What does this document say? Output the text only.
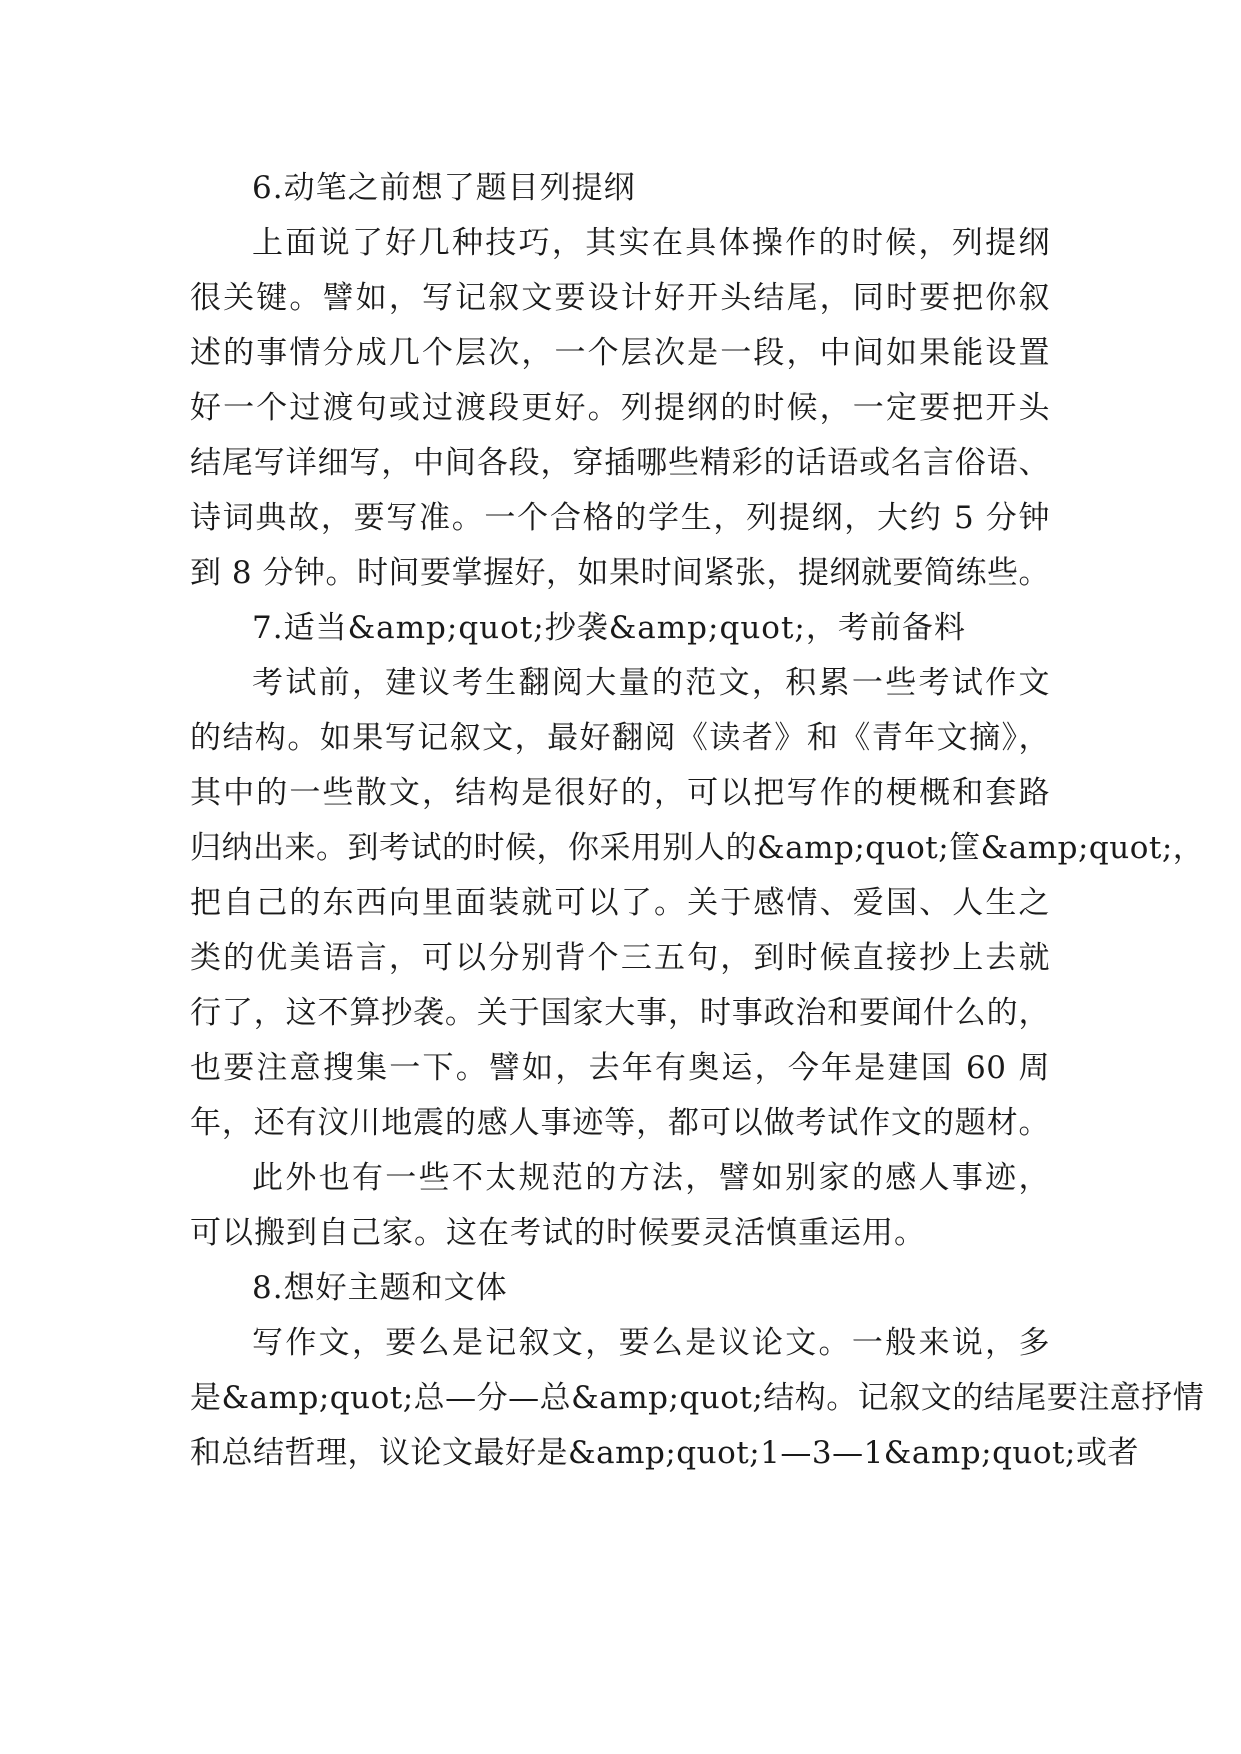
6.动笔之前想了题目列提纲
上面说了好几种技巧，其实在具体操作的时候，列提纲
很关键。譬如，写记叙文要设计好开头结尾，同时要把你叙
述的事情分成几个层次，一个层次是一段，中间如果能设置
好一个过渡句或过渡段更好。列提纲的时候，一定要把开头
结尾写详细写，中间各段，穿插哪些精彩的话语或名言俗语、
诗词典故，要写准。一个合格的学生，列提纲，大约 5 分钟
到 8 分钟。时间要掌握好，如果时间紧张，提纲就要简练些。
7.适当&amp;quot;抄袭&amp;quot;，考前备料
考试前，建议考生翻阅大量的范文，积累一些考试作文
的结构。如果写记叙文，最好翻阅《读者》和《青年文摘》，
其中的一些散文，结构是很好的，可以把写作的梗概和套路
归纳出来。到考试的时候，你采用别人的&amp;quot;筐&amp;quot;，
把自己的东西向里面装就可以了。关于感情、爱国、人生之
类的优美语言，可以分别背个三五句，到时候直接抄上去就
行了，这不算抄袭。关于国家大事，时事政治和要闻什么的，
也要注意搜集一下。譬如，去年有奥运，今年是建国 60 周
年，还有汶川地震的感人事迹等，都可以做考试作文的题材。
此外也有一些不太规范的方法，譬如别家的感人事迹，
可以搬到自己家。这在考试的时候要灵活慎重运用。
8.想好主题和文体
写作文，要么是记叙文，要么是议论文。一般来说，多
是&amp;quot;总—分—总&amp;quot;结构。记叙文的结尾要注意抒情
和总结哲理，议论文最好是&amp;quot;1—3—1&amp;quot;或者
